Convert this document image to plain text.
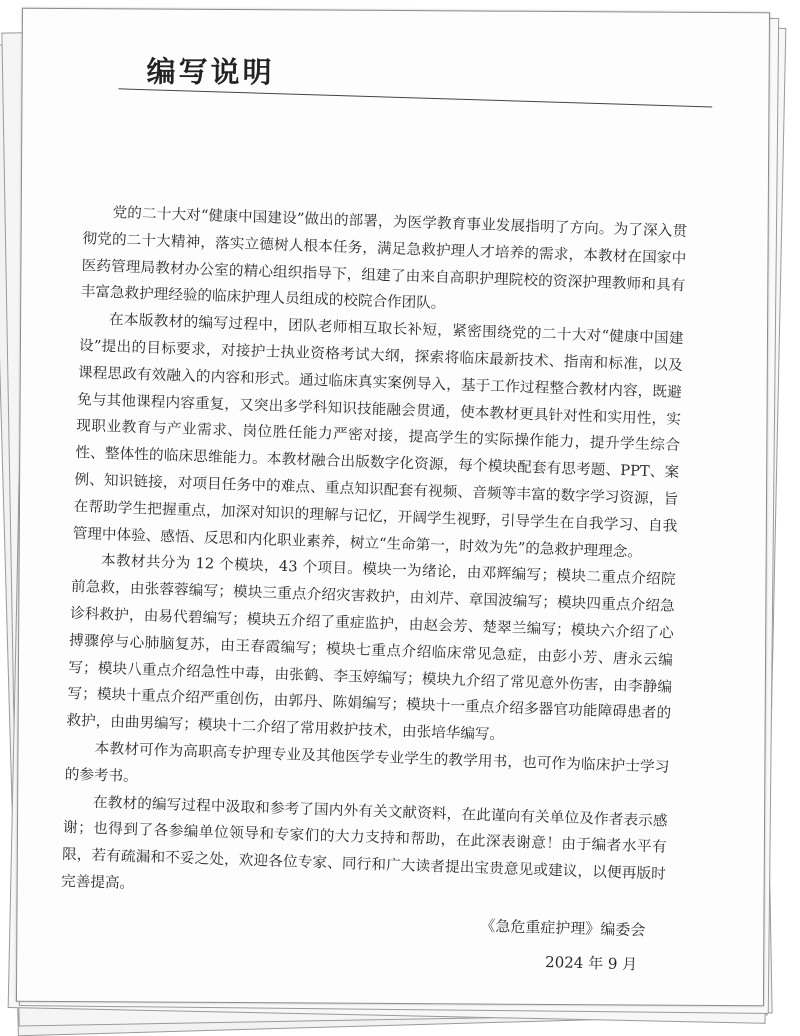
编写说明

党的二十大对“健康中国建设”做出的部署，为医学教育事业发展指明了方向。为了深入贯彻党的二十大精神，落实立德树人根本任务，满足急救护理人才培养的需求，本教材在国家中医药管理局教材办公室的精心组织指导下，组建了由来自高职护理院校的资深护理教师和具有丰富急救护理经验的临床护理人员组成的校院合作团队。

在本版教材的编写过程中，团队老师相互取长补短，紧密围绕党的二十大对“健康中国建设”提出的目标要求，对接护士执业资格考试大纲，探索将临床最新技术、指南和标准，以及课程思政有效融入的内容和形式。通过临床真实案例导入，基于工作过程整合教材内容，既避免与其他课程内容重复，又突出多学科知识技能融会贯通，使本教材更具针对性和实用性，实现职业教育与产业需求、岗位胜任能力严密对接，提高学生的实际操作能力，提升学生综合性、整体性的临床思维能力。本教材融合出版数字化资源，每个模块配套有思考题、PPT、案例、知识链接，对项目任务中的难点、重点知识配套有视频、音频等丰富的数字学习资源，旨在帮助学生把握重点，加深对知识的理解与记忆，开阔学生视野，引导学生在自我学习、自我管理中体验、感悟、反思和内化职业素养，树立“生命第一，时效为先”的急救护理理念。

本教材共分为 12 个模块，43 个项目。模块一为绪论，由邓辉编写；模块二重点介绍院前急救，由张蓉蓉编写；模块三重点介绍灾害救护，由刘芹、章国波编写；模块四重点介绍急诊科救护，由易代碧编写；模块五介绍了重症监护，由赵会芳、楚翠兰编写；模块六介绍了心搏骤停与心肺脑复苏，由王春霞编写；模块七重点介绍临床常见急症，由彭小芳、唐永云编写；模块八重点介绍急性中毒，由张鹤、李玉婷编写；模块九介绍了常见意外伤害，由李静编写；模块十重点介绍严重创伤，由郭丹、陈娟编写；模块十一重点介绍多器官功能障碍患者的救护，由曲男编写；模块十二介绍了常用救护技术，由张培华编写。

本教材可作为高职高专护理专业及其他医学专业学生的教学用书，也可作为临床护士学习的参考书。

在教材的编写过程中汲取和参考了国内外有关文献资料，在此谨向有关单位及作者表示感谢；也得到了各参编单位领导和专家们的大力支持和帮助，在此深表谢意！由于编者水平有限，若有疏漏和不妥之处，欢迎各位专家、同行和广大读者提出宝贵意见或建议，以便再版时完善提高。

《急危重症护理》编委会
2024 年 9 月
